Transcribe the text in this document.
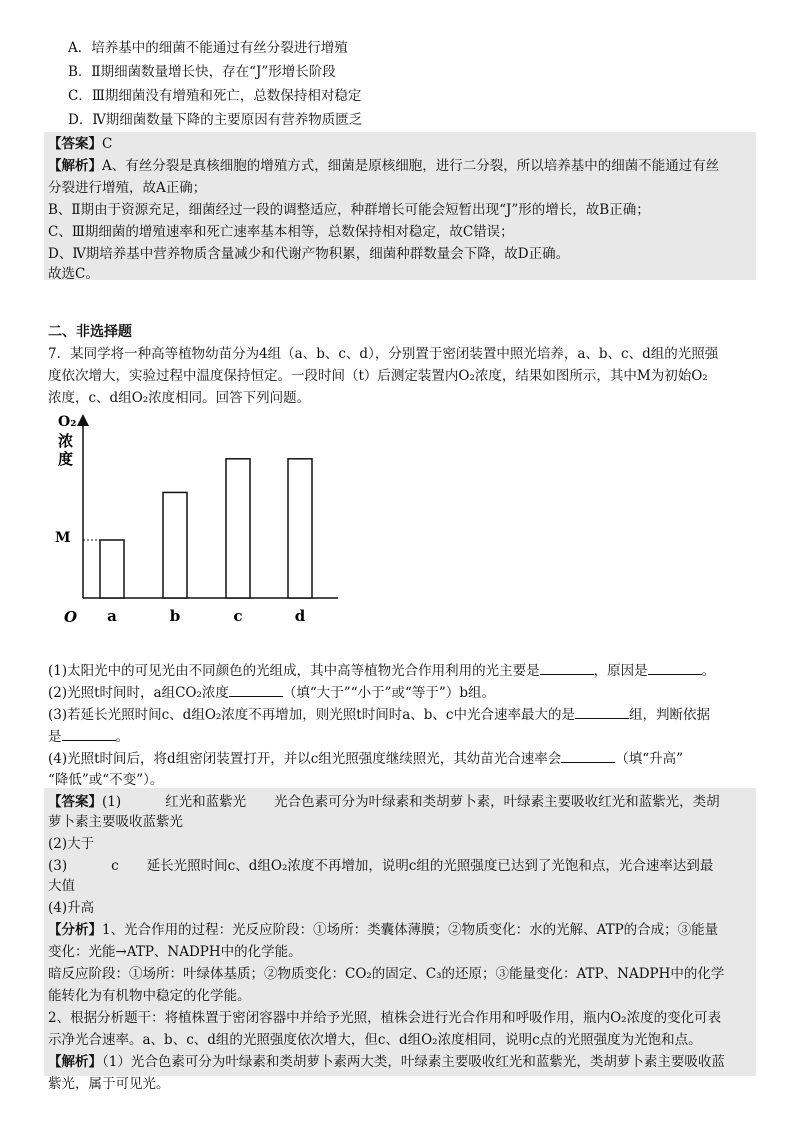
A．培养基中的细菌不能通过有丝分裂进行增殖
B．Ⅱ期细菌数量增长快，存在“J”形增长阶段
C．Ⅲ期细菌没有增殖和死亡，总数保持相对稳定
D．Ⅳ期细菌数量下降的主要原因有营养物质匮乏
【答案】C
【解析】A、有丝分裂是真核细胞的增殖方式，细菌是原核细胞，进行二分裂，所以培养基中的细菌不能通过有丝
分裂进行增殖，故A正确；
B、Ⅱ期由于资源充足，细菌经过一段的调整适应，种群增长可能会短暂出现“J”形的增长，故B正确；
C、Ⅲ期细菌的增殖速率和死亡速率基本相等，总数保持相对稳定，故C错误；
D、Ⅳ期培养基中营养物质含量减少和代谢产物积累，细菌种群数量会下降，故D正确。
故选C。
二、非选择题
7．某同学将一种高等植物幼苗分为4组（a、b、c、d），分别置于密闭装置中照光培养，a、b、c、d组的光照强
度依次增大，实验过程中温度保持恒定。一段时间（t）后测定装置内O₂浓度，结果如图所示，其中M为初始O₂
浓度，c、d组O₂浓度相同。回答下列问题。
O₂
浓
度
O
M
a	b	c	d
(1)太阳光中的可见光由不同颜色的光组成，其中高等植物光合作用利用的光主要是	，原因是	。
(2)光照t时间时，a组CO₂浓度	（填“大于”“小于”或“等于”）b组。
(3)若延长光照时间c、d组O₂浓度不再增加，则光照t时间时a、b、c中光合速率最大的是	组，判断依据
是	。
(4)光照t时间后，将d组密闭装置打开，并以c组光照强度继续照光，其幼苗光合速率会	（填“升高”
“降低”或“不变”）。
【答案】(1)	红光和蓝紫光 光合色素可分为叶绿素和类胡萝卜素，叶绿素主要吸收红光和蓝紫光，类胡
萝卜素主要吸收蓝紫光
(2)大于
(3)	c 延长光照时间c、d组O₂浓度不再增加，说明c组的光照强度已达到了光饱和点，光合速率达到最
大值
(4)升高
【分析】1、光合作用的过程：光反应阶段：①场所：类囊体薄膜；②物质变化：水的光解、ATP的合成；③能量
变化：光能→ATP、NADPH中的化学能。
暗反应阶段：①场所：叶绿体基质；②物质变化：CO₂的固定、C₃的还原；③能量变化：ATP、NADPH中的化学
能转化为有机物中稳定的化学能。
2、根据分析题干：将植株置于密闭容器中并给予光照，植株会进行光合作用和呼吸作用，瓶内O₂浓度的变化可表
示净光合速率。a、b、c、d组的光照强度依次增大，但c、d组O₂浓度相同，说明c点的光照强度为光饱和点。
【解析】（1）光合色素可分为叶绿素和类胡萝卜素两大类，叶绿素主要吸收红光和蓝紫光，类胡萝卜素主要吸收蓝
紫光，属于可见光。
